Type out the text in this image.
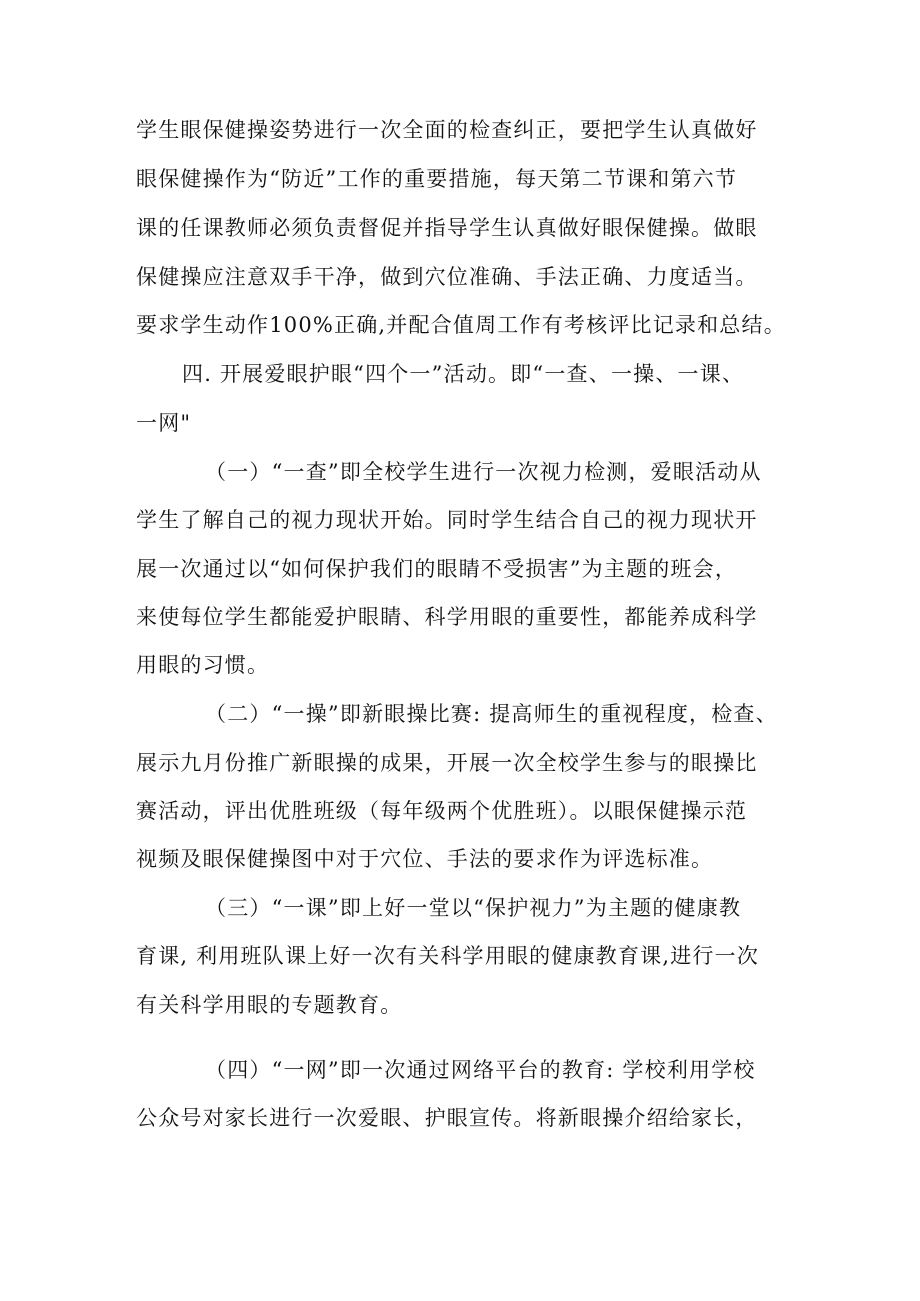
学生眼保健操姿势进行一次全面的检查纠正，要把学生认真做好
眼保健操作为“防近”工作的重要措施，每天第二节课和第六节
课的任课教师必须负责督促并指导学生认真做好眼保健操。做眼
保健操应注意双手干净，做到穴位准确、手法正确、力度适当。
要求学生动作100%正确,并配合值周工作有考核评比记录和总结。
四. 开展爱眼护眼“四个一”活动。即“一查、一操、一课、
一网"
（一）“一查”即全校学生进行一次视力检测，爱眼活动从
学生了解自己的视力现状开始。同时学生结合自己的视力现状开
展一次通过以“如何保护我们的眼睛不受损害”为主题的班会，
来使每位学生都能爱护眼睛、科学用眼的重要性，都能养成科学
用眼的习惯。
（二）“一操”即新眼操比赛: 提高师生的重视程度，检查、
展示九月份推广新眼操的成果，开展一次全校学生参与的眼操比
赛活动，评出优胜班级（每年级两个优胜班）。以眼保健操示范
视频及眼保健操图中对于穴位、手法的要求作为评选标准。
（三）“一课”即上好一堂以“保护视力”为主题的健康教
育课, 利用班队课上好一次有关科学用眼的健康教育课,进行一次
有关科学用眼的专题教育。
（四）“一网”即一次通过网络平台的教育: 学校利用学校
公众号对家长进行一次爱眼、护眼宣传。将新眼操介绍给家长，
